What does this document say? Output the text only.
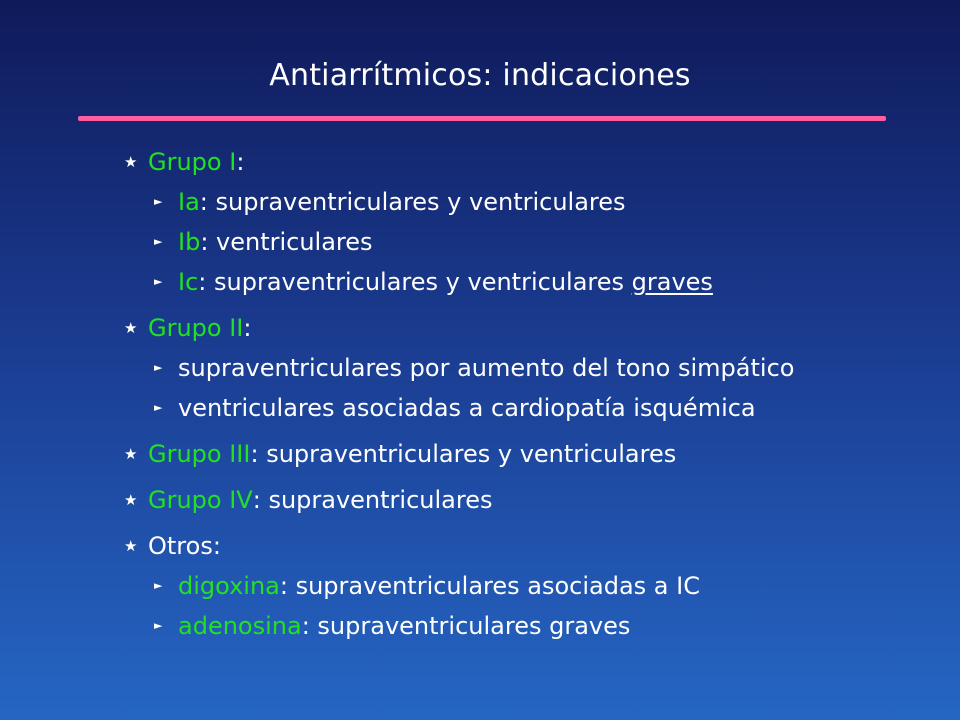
Antiarrítmicos: indicaciones
★ Grupo I :
► Ia : supraventriculares y ventriculares
► Ib : ventriculares
► Ic : supraventriculares y ventriculares graves
★ Grupo II :
► supraventriculares por aumento del tono simpático
► ventriculares asociadas a cardiopatía isquémica
★ Grupo III : supraventriculares y ventriculares
★ Grupo IV : supraventriculares
★ Otros:
► digoxina : supraventriculares asociadas a IC
► adenosina : supraventriculares graves
